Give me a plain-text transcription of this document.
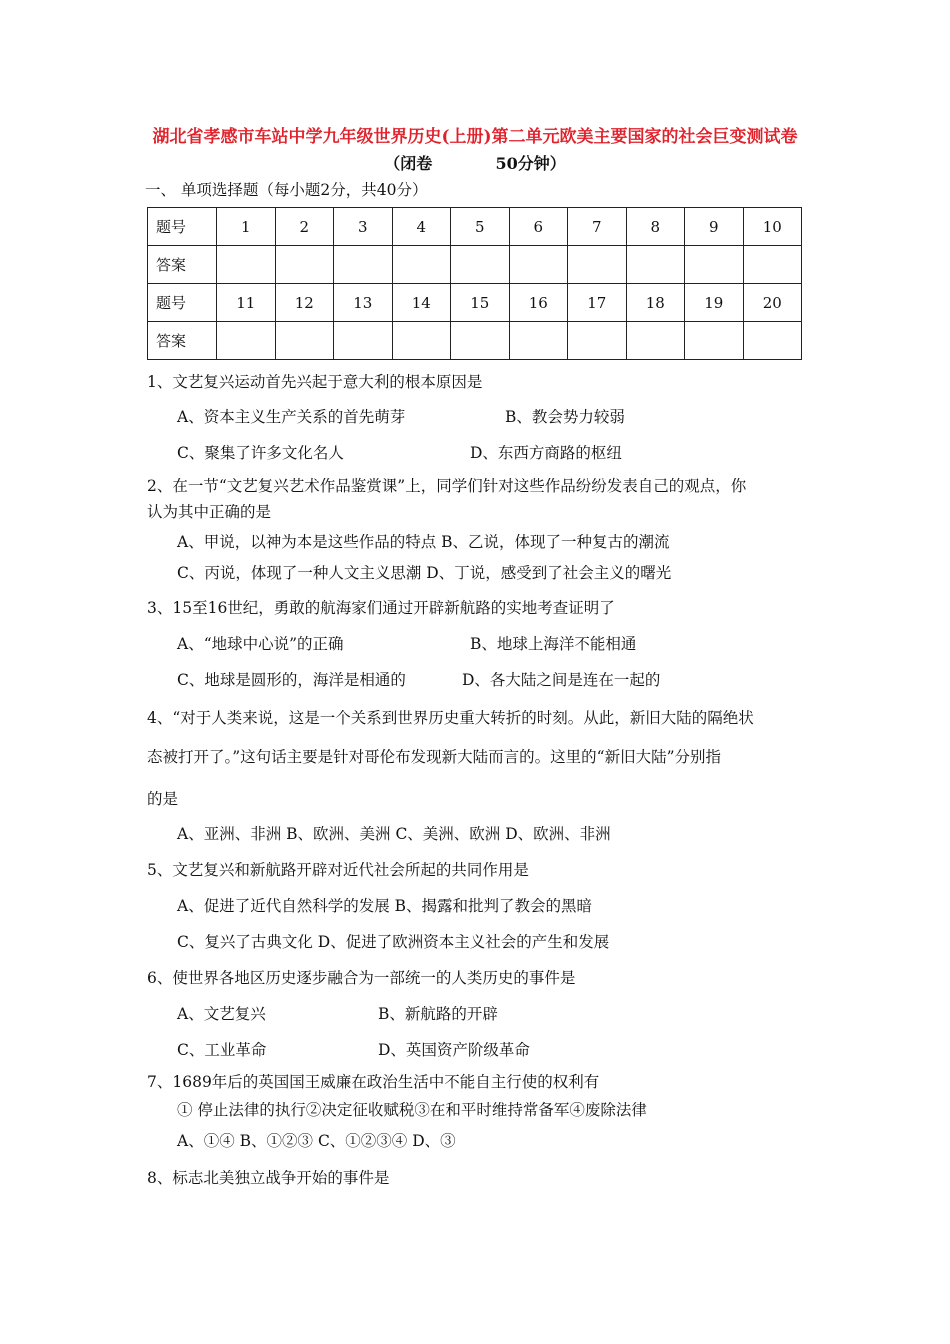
湖北省孝感市车站中学九年级世界历史(上册)第二单元欧美主要国家的社会巨变测试卷
（闭卷	50分钟）
一、 单项选择题（每小题2分，共40分）
题号	1	2	3	4	5	6	7	8	9	10
答案										
题号	11	12	13	14	15	16	17	18	19	20
答案										
1、文艺复兴运动首先兴起于意大利的根本原因是
A、资本主义生产关系的首先萌芽	B、教会势力较弱
C、聚集了许多文化名人	D、东西方商路的枢纽
2、在一节“文艺复兴艺术作品鉴赏课”上，同学们针对这些作品纷纷发表自己的观点，你
认为其中正确的是
A、甲说，以神为本是这些作品的特点 B、乙说，体现了一种复古的潮流
C、丙说，体现了一种人文主义思潮 D、丁说，感受到了社会主义的曙光
3、15至16世纪，勇敢的航海家们通过开辟新航路的实地考查证明了
A、“地球中心说”的正确	B、地球上海洋不能相通
C、地球是圆形的，海洋是相通的	D、各大陆之间是连在一起的
4、“对于人类来说，这是一个关系到世界历史重大转折的时刻。从此，新旧大陆的隔绝状
态被打开了。”这句话主要是针对哥伦布发现新大陆而言的。这里的“新旧大陆”分别指
的是
A、亚洲、非洲 B、欧洲、美洲 C、美洲、欧洲 D、欧洲、非洲
5、文艺复兴和新航路开辟对近代社会所起的共同作用是
A、促进了近代自然科学的发展 B、揭露和批判了教会的黑暗
C、复兴了古典文化 D、促进了欧洲资本主义社会的产生和发展
6、使世界各地区历史逐步融合为一部统一的人类历史的事件是
A、文艺复兴	B、新航路的开辟
C、工业革命	D、英国资产阶级革命
7、1689年后的英国国王威廉在政治生活中不能自主行使的权利有
① 停止法律的执行②决定征收赋税③在和平时维持常备军④废除法律
A、①④ B、①②③ C、①②③④ D、③
8、标志北美独立战争开始的事件是
